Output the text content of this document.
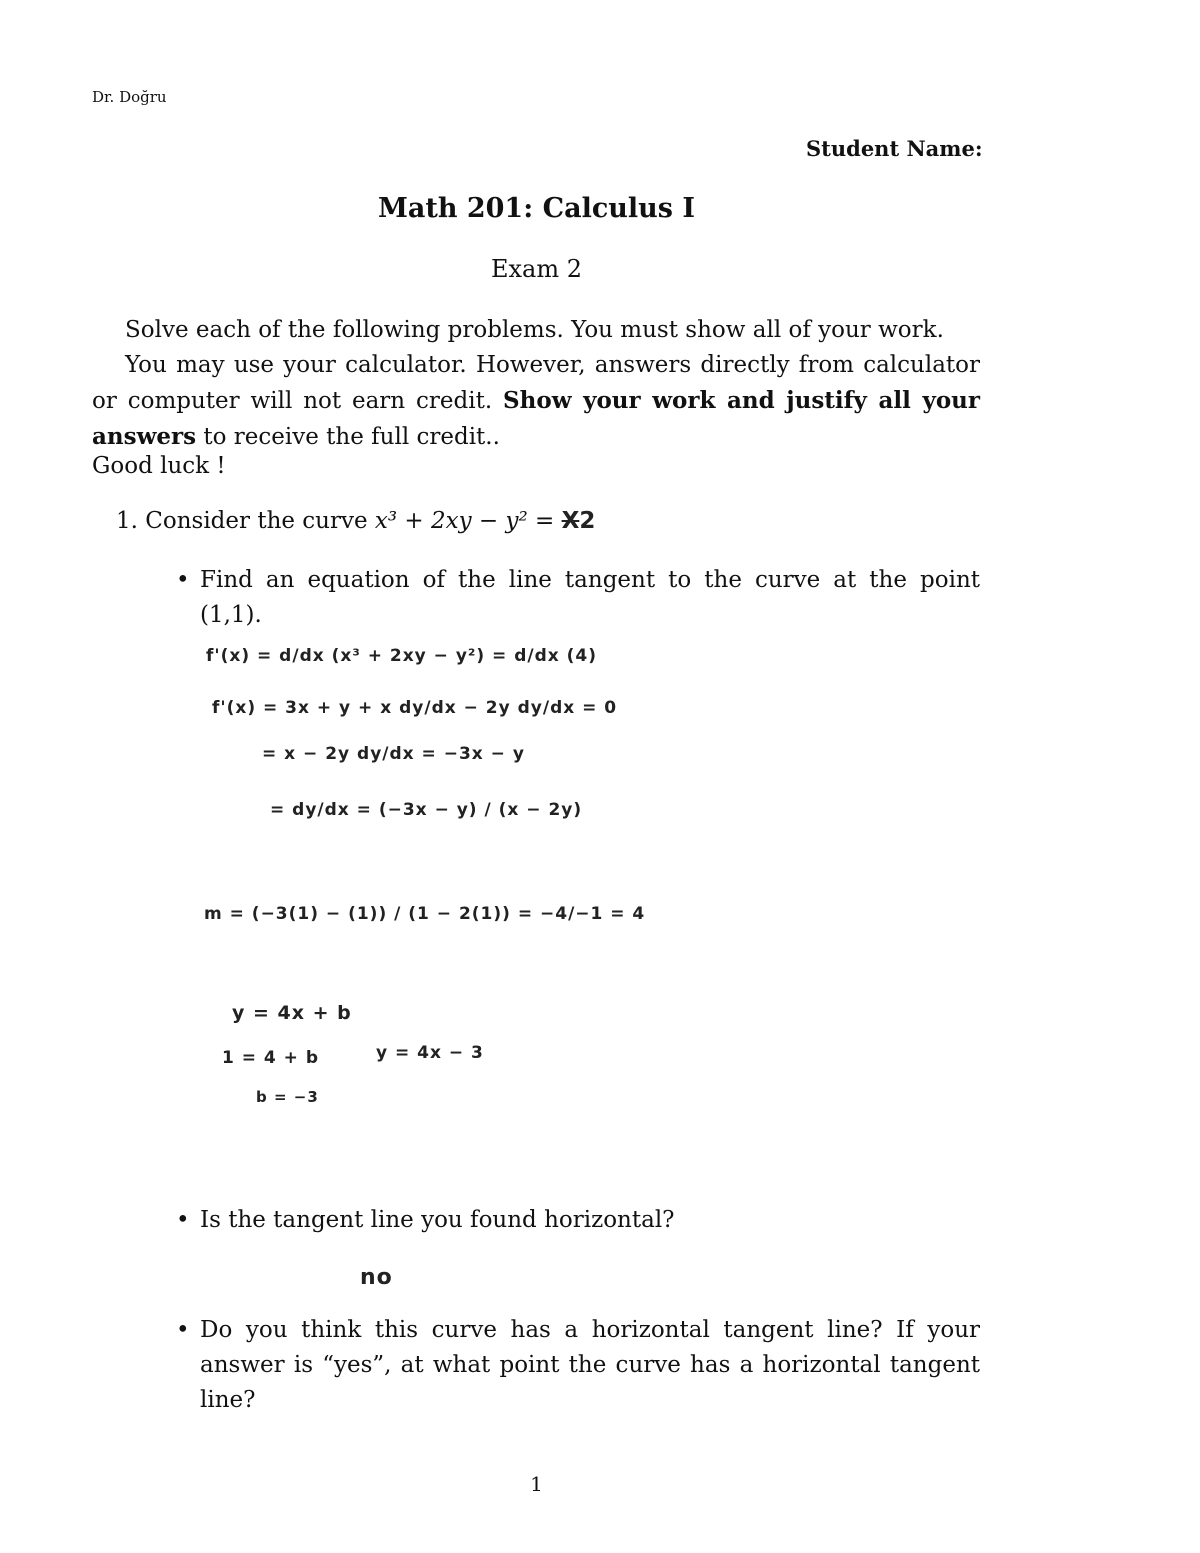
Dr. Doğru
Student Name:
Math 201: Calculus I
Exam 2
Solve each of the following problems. You must show all of your work.
You may use your calculator. However, answers directly from calculator or computer will not earn credit. Show your work and justify all your answers to receive the full credit..
Good luck !
1. Consider the curve x³ + 2xy − y² = X2
• Find an equation of the line tangent to the curve at the point (1,1).
f'(x) = d/dx (x³ + 2xy − y²) = d/dx (4)
f'(x) = 3x + y + x dy/dx − 2y dy/dx = 0
= x − 2y dy/dx = −3x − y
= dy/dx = (−3x − y) / (x − 2y)
m = (−3(1) − (1)) / (1 − 2(1)) = −4/−1 = 4
y = 4x + b
1 = 4 + b
b = −3
y = 4x − 3
• Is the tangent line you found horizontal?
no
• Do you think this curve has a horizontal tangent line? If your answer is “yes”, at what point the curve has a horizontal tangent line?
1
